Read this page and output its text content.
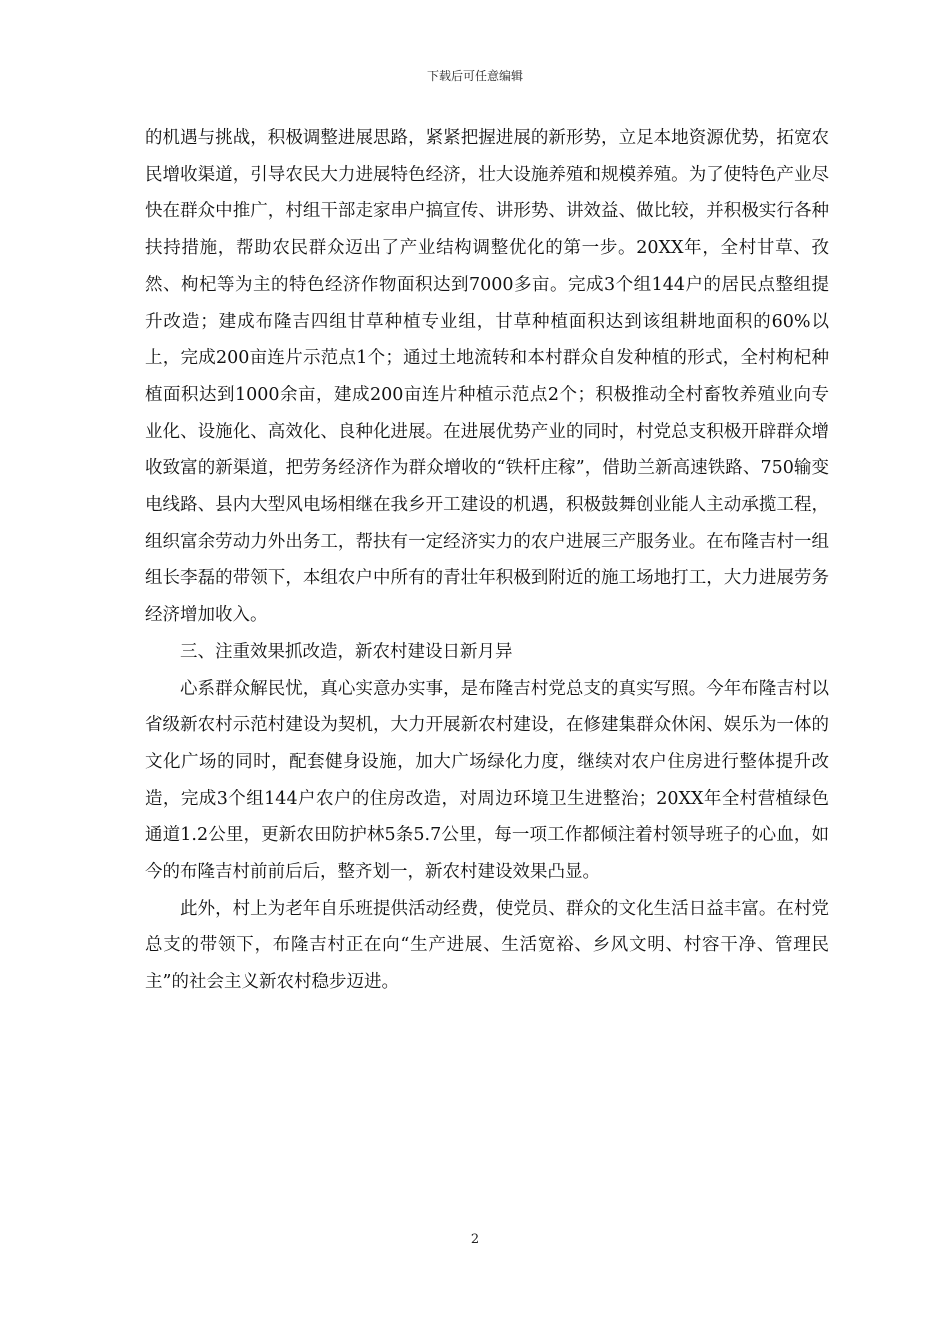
下载后可任意编辑

的机遇与挑战，积极调整进展思路，紧紧把握进展的新形势，立足本地资源优势，拓宽农民增收渠道，引导农民大力进展特色经济，壮大设施养殖和规模养殖。为了使特色产业尽快在群众中推广，村组干部走家串户搞宣传、讲形势、讲效益、做比较，并积极实行各种扶持措施，帮助农民群众迈出了产业结构调整优化的第一步。20XX年，全村甘草、孜然、枸杞等为主的特色经济作物面积达到7000多亩。完成3个组144户的居民点整组提升改造；建成布隆吉四组甘草种植专业组，甘草种植面积达到该组耕地面积的60%以上，完成200亩连片示范点1个；通过土地流转和本村群众自发种植的形式，全村枸杞种植面积达到1000余亩，建成200亩连片种植示范点2个；积极推动全村畜牧养殖业向专业化、设施化、高效化、良种化进展。在进展优势产业的同时，村党总支积极开辟群众增收致富的新渠道，把劳务经济作为群众增收的“铁杆庄稼”，借助兰新高速铁路、750输变电线路、县内大型风电场相继在我乡开工建设的机遇，积极鼓舞创业能人主动承揽工程，组织富余劳动力外出务工，帮扶有一定经济实力的农户进展三产服务业。在布隆吉村一组组长李磊的带领下，本组农户中所有的青壮年积极到附近的施工场地打工，大力进展劳务经济增加收入。

三、注重效果抓改造，新农村建设日新月异

心系群众解民忧，真心实意办实事，是布隆吉村党总支的真实写照。今年布隆吉村以省级新农村示范村建设为契机，大力开展新农村建设，在修建集群众休闲、娱乐为一体的文化广场的同时，配套健身设施，加大广场绿化力度，继续对农户住房进行整体提升改造，完成3个组144户农户的住房改造，对周边环境卫生进整治；20XX年全村营植绿色通道1.2公里，更新农田防护林5条5.7公里，每一项工作都倾注着村领导班子的心血，如今的布隆吉村前前后后，整齐划一，新农村建设效果凸显。

此外，村上为老年自乐班提供活动经费，使党员、群众的文化生活日益丰富。在村党总支的带领下，布隆吉村正在向“生产进展、生活宽裕、乡风文明、村容干净、管理民主”的社会主义新农村稳步迈进。

2
